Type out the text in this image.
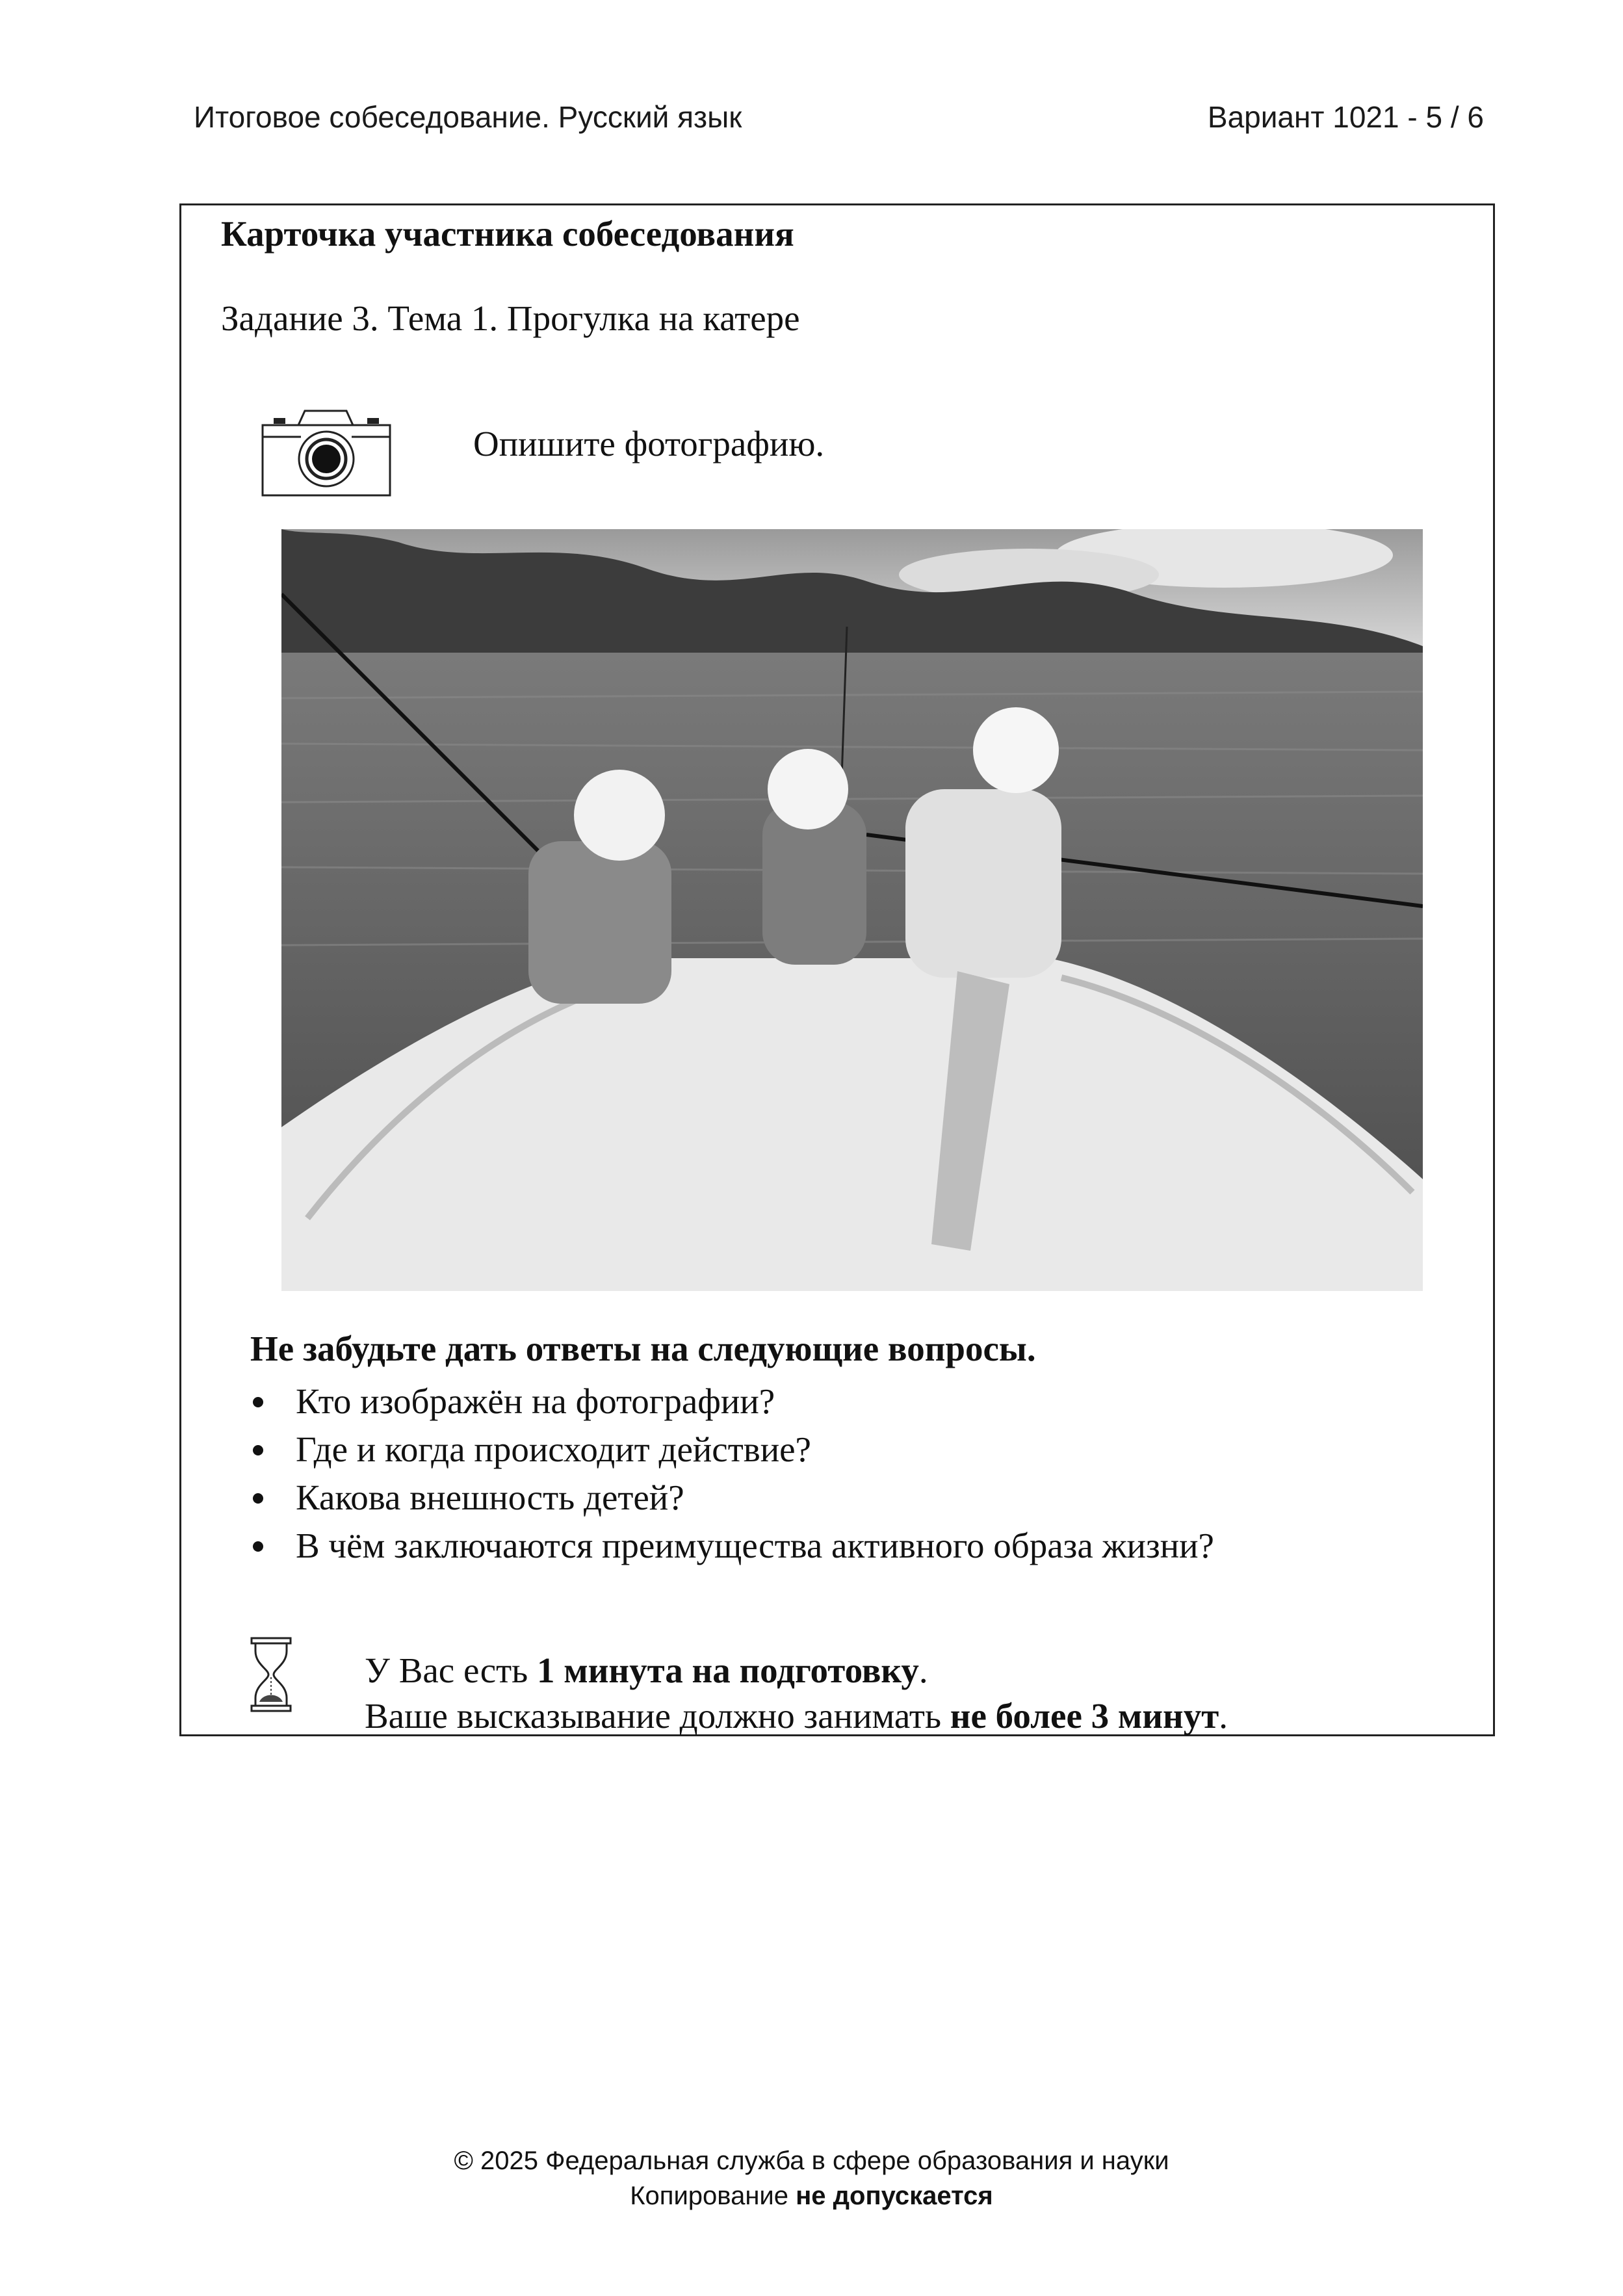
Итоговое собеседование. Русский язык	Вариант 1021 - 5 / 6
Карточка участника собеседования
Задание 3. Тема 1. Прогулка на катере
Опишите фотографию.
Не забудьте дать ответы на следующие вопросы.
Кто изображён на фотографии?
Где и когда происходит действие?
Какова внешность детей?
В чём заключаются преимущества активного образа жизни?
У Вас есть 1 минута на подготовку.
Ваше высказывание должно занимать не более 3 минут.
© 2025 Федеральная служба в сфере образования и науки
Копирование не допускается
